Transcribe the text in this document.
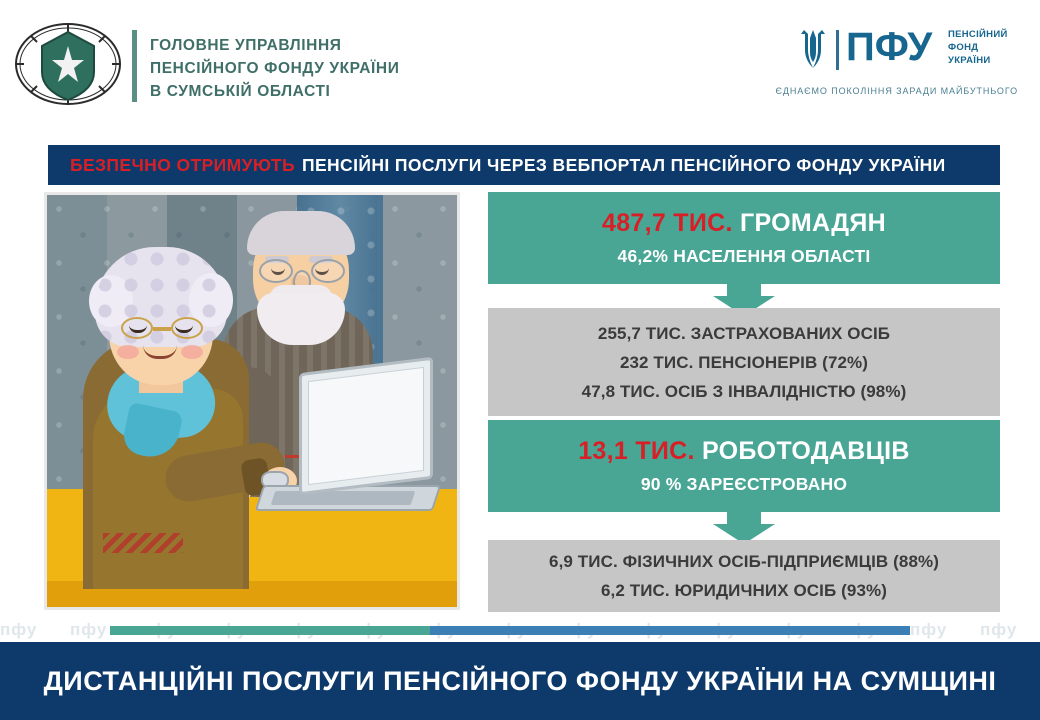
ГОЛОВНЕ УПРАВЛІННЯ
ПЕНСІЙНОГО ФОНДУ УКРАЇНИ
В СУМСЬКІЙ ОБЛАСТІ
ПФУ ПЕНСІЙНИЙ
ФОНД
УКРАЇНИ
ЄДНАЄМО ПОКОЛІННЯ ЗАРАДИ МАЙБУТНЬОГО
БЕЗПЕЧНО ОТРИМУЮТЬ ПЕНСІЙНІ ПОСЛУГИ ЧЕРЕЗ ВЕБПОРТАЛ ПЕНСІЙНОГО ФОНДУ УКРАЇНИ
487,7 ТИС. ГРОМАДЯН
46,2% НАСЕЛЕННЯ ОБЛАСТІ
255,7 ТИС. ЗАСТРАХОВАНИХ ОСІБ
232 ТИС. ПЕНСІОНЕРІВ (72%)
47,8 ТИС. ОСІБ З ІНВАЛІДНІСТЮ (98%)
13,1 ТИС. РОБОТОДАВЦІВ
90 % ЗАРЕЄСТРОВАНО
6,9 ТИС. ФІЗИЧНИХ ОСІБ-ПІДПРИЄМЦІВ (88%)
6,2 ТИС. ЮРИДИЧНИХ ОСІБ (93%)
пфу пфу	пфу пфу
ДИСТАНЦІЙНІ ПОСЛУГИ ПЕНСІЙНОГО ФОНДУ УКРАЇНИ НА СУМЩИНІ
